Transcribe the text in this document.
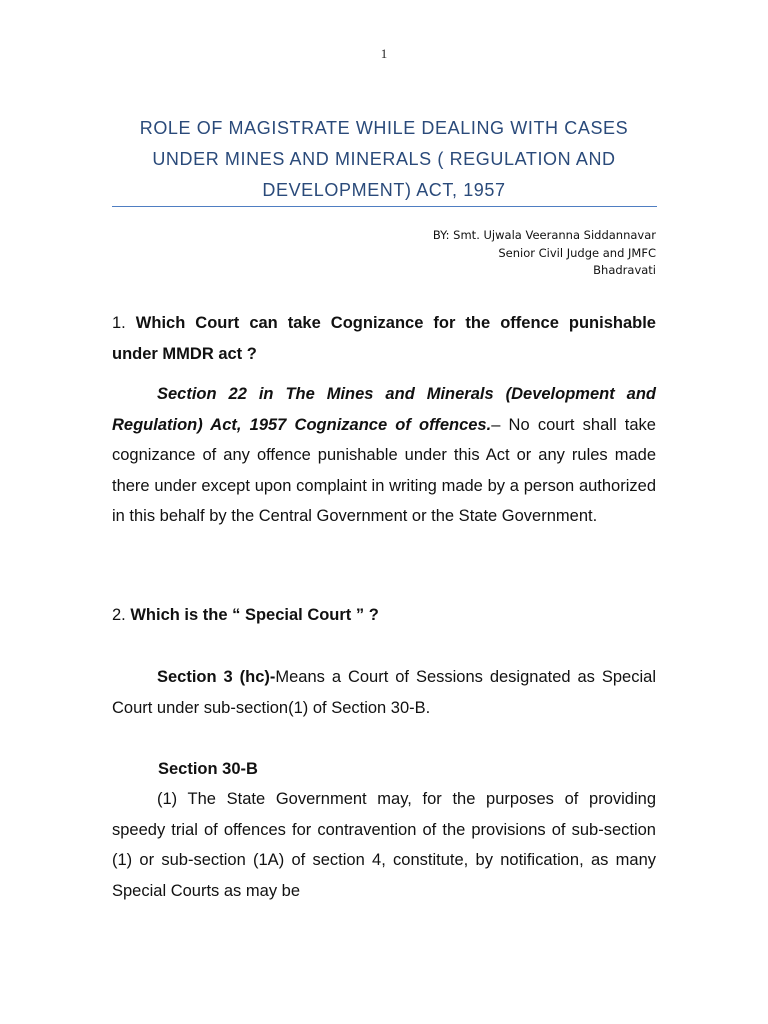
1
ROLE OF MAGISTRATE WHILE DEALING WITH CASES
UNDER MINES AND MINERALS ( REGULATION AND
DEVELOPMENT) ACT, 1957
BY: Smt. Ujwala Veeranna Siddannavar
Senior Civil Judge and JMFC
Bhadravati
1. Which Court can take Cognizance for the offence punishable under MMDR act ?
Section 22 in The Mines and Minerals (Development and Regulation) Act, 1957 Cognizance of offences.– No court shall take cognizance of any offence punishable under this Act or any rules made there under except upon complaint in writing made by a person authorized in this behalf by the Central Government or the State Government.
2. Which is the “ Special Court ” ?
Section 3 (hc)-Means a Court of Sessions designated as Special Court under sub-section(1) of Section 30-B.
Section 30-B
(1) The State Government may, for the purposes of providing speedy trial of offences for contravention of the provisions of sub-section (1) or sub-section (1A) of section 4, constitute, by notification, as many Special Courts as may be
